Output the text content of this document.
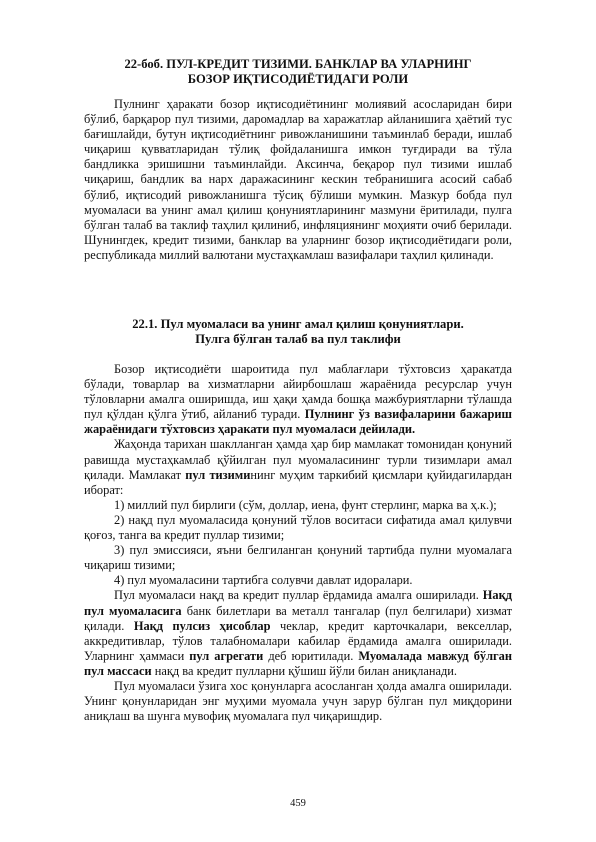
22-боб. ПУЛ-КРЕДИТ ТИЗИМИ. БАНКЛАР ВА УЛАРНИНГ
БОЗОР ИҚТИСОДИЁТИДАГИ РОЛИ

Пулнинг ҳаракати бозор иқтисодиётининг молиявий асосларидан бири бўлиб, барқарор пул тизими, даромадлар ва харажатлар айланишига ҳаётий тус бағишлайди, бутун иқтисодиётнинг ривожланишини таъминлаб беради, ишлаб чиқариш қувватларидан тўлиқ фойдаланишга имкон туғдиради ва тўла бандликка эришишни таъминлайди. Аксинча, беқарор пул тизими ишлаб чиқариш, бандлик ва нарх даражасининг кескин тебранишига асосий сабаб бўлиб, иқтисодий ривожланишга тўсиқ бўлиши мумкин. Мазкур бобда пул муомаласи ва унинг амал қилиш қонуниятларининг мазмуни ёритилади, пулга бўлган талаб ва таклиф таҳлил қилиниб, инфляциянинг моҳияти очиб берилади. Шунингдек, кредит тизими, банклар ва уларнинг бозор иқтисодиётидаги роли, республикада миллий валютани мустаҳкамлаш вазифалари таҳлил қилинади.

22.1. Пул муомаласи ва унинг амал қилиш қонуниятлари.
Пулга бўлган талаб ва пул таклифи

Бозор иқтисодиёти шароитида пул маблағлари тўхтовсиз ҳаракатда бўлади, товарлар ва хизматларни айирбошлаш жараёнида ресурслар учун тўловларни амалга оширишда, иш ҳақи ҳамда бошқа мажбуриятларни тўлашда пул қўлдан қўлга ўтиб, айланиб туради. Пулнинг ўз вазифаларини бажариш жараёнидаги тўхтовсиз ҳаракати пул муомаласи дейилади.

Жаҳонда тарихан шаклланган ҳамда ҳар бир мамлакат томонидан қонуний равишда мустаҳкамлаб қўйилган пул муомаласининг турли тизимлари амал қилади. Мамлакат пул тизимининг муҳим таркибий қисмлари қуйидагилардан иборат:

1) миллий пул бирлиги (сўм, доллар, иена, фунт стерлинг, марка ва ҳ.к.);

2) нақд пул муомаласида қонуний тўлов воситаси сифатида амал қилувчи қоғоз, танга ва кредит пуллар тизими;

3) пул эмиссияси, яъни белгиланган қонуний тартибда пулни муомалага чиқариш тизими;

4) пул муомаласини тартибга солувчи давлат идоралари.

Пул муомаласи нақд ва кредит пуллар ёрдамида амалга оширилади. Нақд пул муомаласига банк билетлари ва металл тангалар (пул белгилари) хизмат қилади. Нақд пулсиз ҳисоблар чеклар, кредит карточкалари, векселлар, аккредитивлар, тўлов талабномалари кабилар ёрдамида амалга оширилади. Уларнинг ҳаммаси пул агрегати деб юритилади. Муомалада мавжуд бўлган пул массаси нақд ва кредит пулларни қўшиш йўли билан аниқланади.

Пул муомаласи ўзига хос қонунларга асосланган ҳолда амалга оширилади. Унинг қонунларидан энг муҳими муомала учун зарур бўлган пул миқдорини аниқлаш ва шунга мувофиқ муомалага пул чиқаришдир.

459
